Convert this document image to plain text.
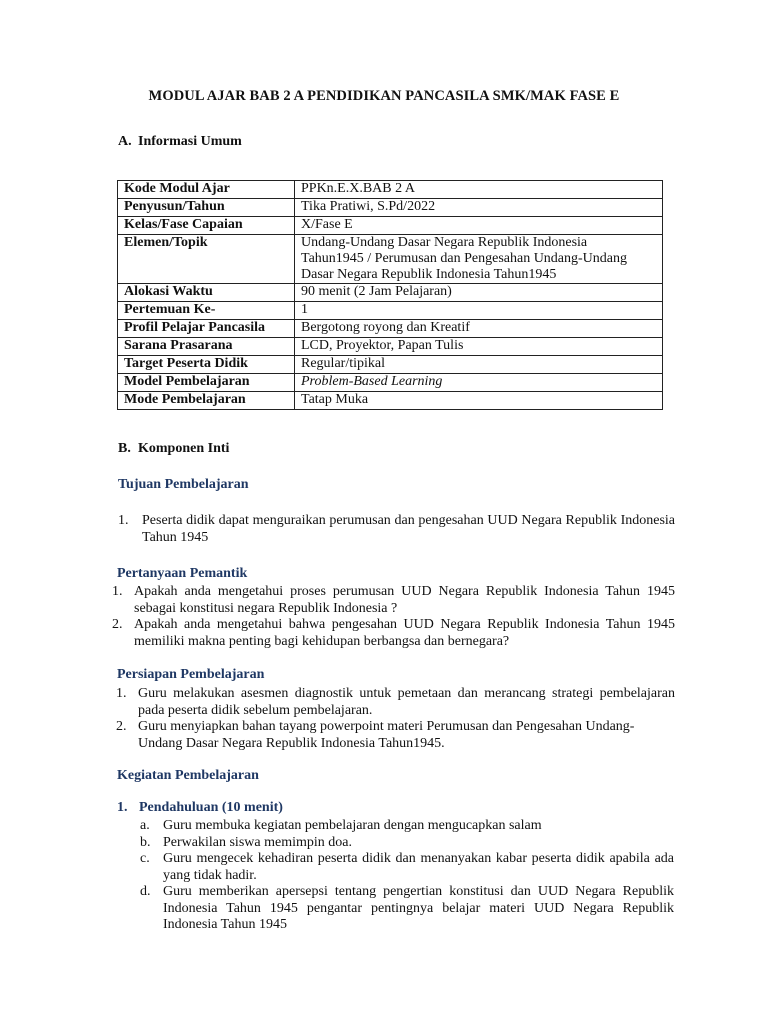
MODUL AJAR BAB 2 A PENDIDIKAN PANCASILA SMK/MAK FASE E
A. Informasi Umum
Kode Modul Ajar	PPKn.E.X.BAB 2 A
Penyusun/Tahun	Tika Pratiwi, S.Pd/2022
Kelas/Fase Capaian	X/Fase E
Elemen/Topik	Undang-Undang Dasar Negara Republik Indonesia Tahun1945 / Perumusan dan Pengesahan Undang-Undang Dasar Negara Republik Indonesia Tahun1945
Alokasi Waktu	90 menit (2 Jam Pelajaran)
Pertemuan Ke-	1
Profil Pelajar Pancasila	Bergotong royong dan Kreatif
Sarana Prasarana	LCD, Proyektor, Papan Tulis
Target Peserta Didik	Regular/tipikal
Model Pembelajaran	Problem-Based Learning
Mode Pembelajaran	Tatap Muka
B. Komponen Inti
Tujuan Pembelajaran
1. Peserta didik dapat menguraikan perumusan dan pengesahan UUD Negara Republik Indonesia Tahun 1945
Pertanyaan Pemantik
1. Apakah anda mengetahui proses perumusan UUD Negara Republik Indonesia Tahun 1945 sebagai konstitusi negara Republik Indonesia ?
2. Apakah anda mengetahui bahwa pengesahan UUD Negara Republik Indonesia Tahun 1945 memiliki makna penting bagi kehidupan berbangsa dan bernegara?
Persiapan Pembelajaran
1. Guru melakukan asesmen diagnostik untuk pemetaan dan merancang strategi pembelajaran pada peserta didik sebelum pembelajaran.
2. Guru menyiapkan bahan tayang powerpoint materi Perumusan dan Pengesahan Undang-Undang Dasar Negara Republik Indonesia Tahun1945.
Kegiatan Pembelajaran
1. Pendahuluan (10 menit)
a. Guru membuka kegiatan pembelajaran dengan mengucapkan salam
b. Perwakilan siswa memimpin doa.
c. Guru mengecek kehadiran peserta didik dan menanyakan kabar peserta didik apabila ada yang tidak hadir.
d. Guru memberikan apersepsi tentang pengertian konstitusi dan UUD Negara Republik Indonesia Tahun 1945 pengantar pentingnya belajar materi UUD Negara Republik Indonesia Tahun 1945
